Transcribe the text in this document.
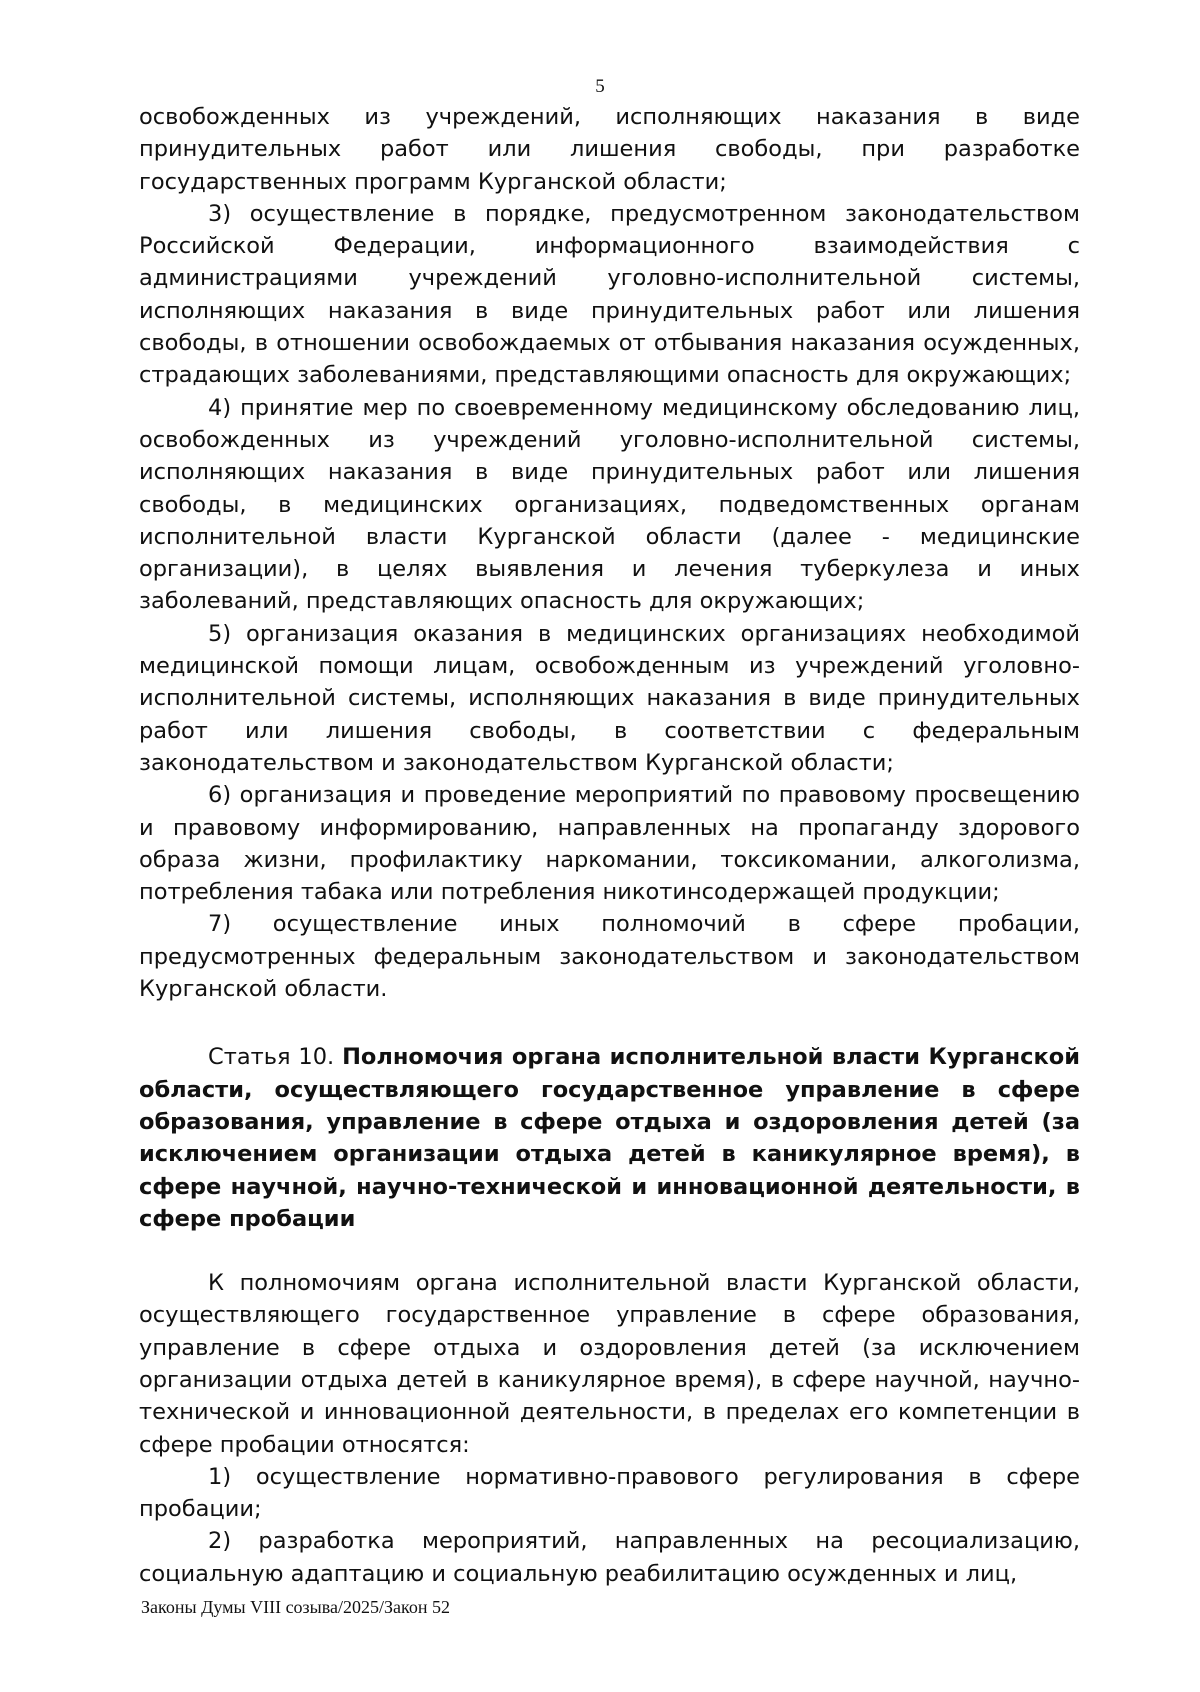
5

освобожденных из учреждений, исполняющих наказания в виде принудительных работ или лишения свободы, при разработке государственных программ Курганской области;

3) осуществление в порядке, предусмотренном законодательством Российской Федерации, информационного взаимодействия с администрациями учреждений уголовно-исполнительной системы, исполняющих наказания в виде принудительных работ или лишения свободы, в отношении освобождаемых от отбывания наказания осужденных, страдающих заболеваниями, представляющими опасность для окружающих;

4) принятие мер по своевременному медицинскому обследованию лиц, освобожденных из учреждений уголовно-исполнительной системы, исполняющих наказания в виде принудительных работ или лишения свободы, в медицинских организациях, подведомственных органам исполнительной власти Курганской области (далее - медицинские организации), в целях выявления и лечения туберкулеза и иных заболеваний, представляющих опасность для окружающих;

5) организация оказания в медицинских организациях необходимой медицинской помощи лицам, освобожденным из учреждений уголовно-исполнительной системы, исполняющих наказания в виде принудительных работ или лишения свободы, в соответствии с федеральным законодательством и законодательством Курганской области;

6) организация и проведение мероприятий по правовому просвещению и правовому информированию, направленных на пропаганду здорового образа жизни, профилактику наркомании, токсикомании, алкоголизма, потребления табака или потребления никотинсодержащей продукции;

7) осуществление иных полномочий в сфере пробации, предусмотренных федеральным законодательством и законодательством Курганской области.

Статья 10. Полномочия органа исполнительной власти Курганской области, осуществляющего государственное управление в сфере образования, управление в сфере отдыха и оздоровления детей (за исключением организации отдыха детей в каникулярное время), в сфере научной, научно-технической и инновационной деятельности, в сфере пробации

К полномочиям органа исполнительной власти Курганской области, осуществляющего государственное управление в сфере образования, управление в сфере отдыха и оздоровления детей (за исключением организации отдыха детей в каникулярное время), в сфере научной, научно-технической и инновационной деятельности, в пределах его компетенции в сфере пробации относятся:

1) осуществление нормативно-правового регулирования в сфере пробации;

2) разработка мероприятий, направленных на ресоциализацию, социальную адаптацию и социальную реабилитацию осужденных и лиц,

Законы Думы VIII созыва/2025/Закон 52
